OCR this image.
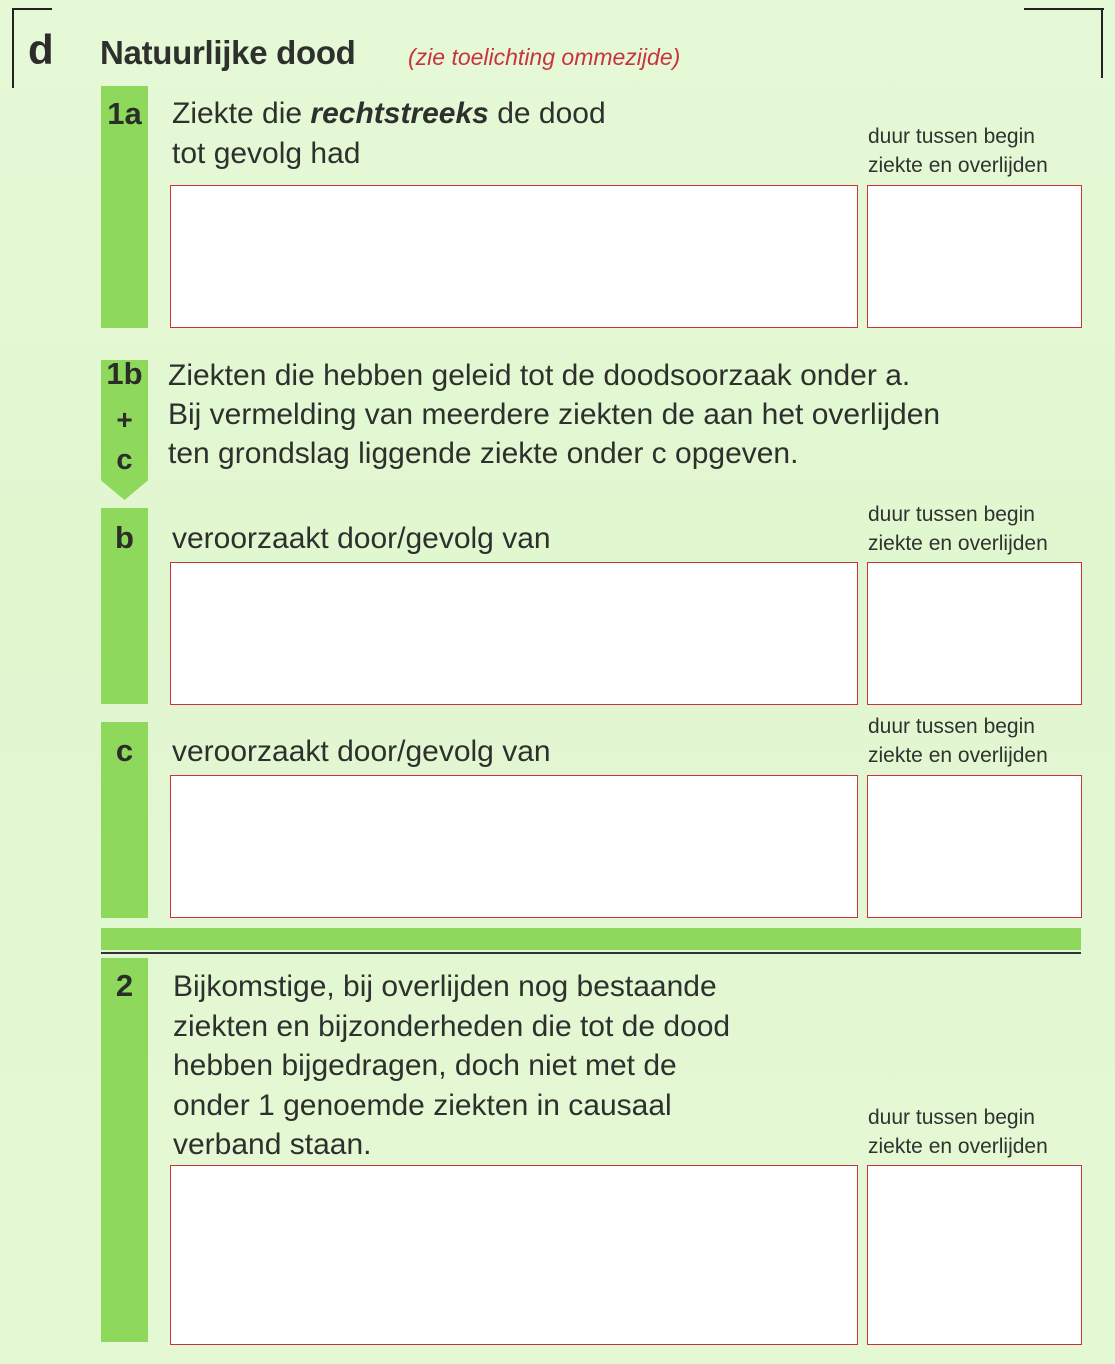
d Natuurlijke dood (zie toelichting ommezijde)
1a Ziekte die rechtstreeks de dood
tot gevolg had
duur tussen begin
ziekte en overlijden
1b
+
c
Ziekten die hebben geleid tot de doodsoorzaak onder a.
Bij vermelding van meerdere ziekten de aan het overlijden
ten grondslag liggende ziekte onder c opgeven.
b	veroorzaakt door/gevolg van
duur tussen begin
ziekte en overlijden
c	veroorzaakt door/gevolg van
duur tussen begin
ziekte en overlijden
2	Bijkomstige, bij overlijden nog bestaande
ziekten en bijzonderheden die tot de dood
hebben bijgedragen, doch niet met de
onder 1 genoemde ziekten in causaal
verband staan.
duur tussen begin
ziekte en overlijden
